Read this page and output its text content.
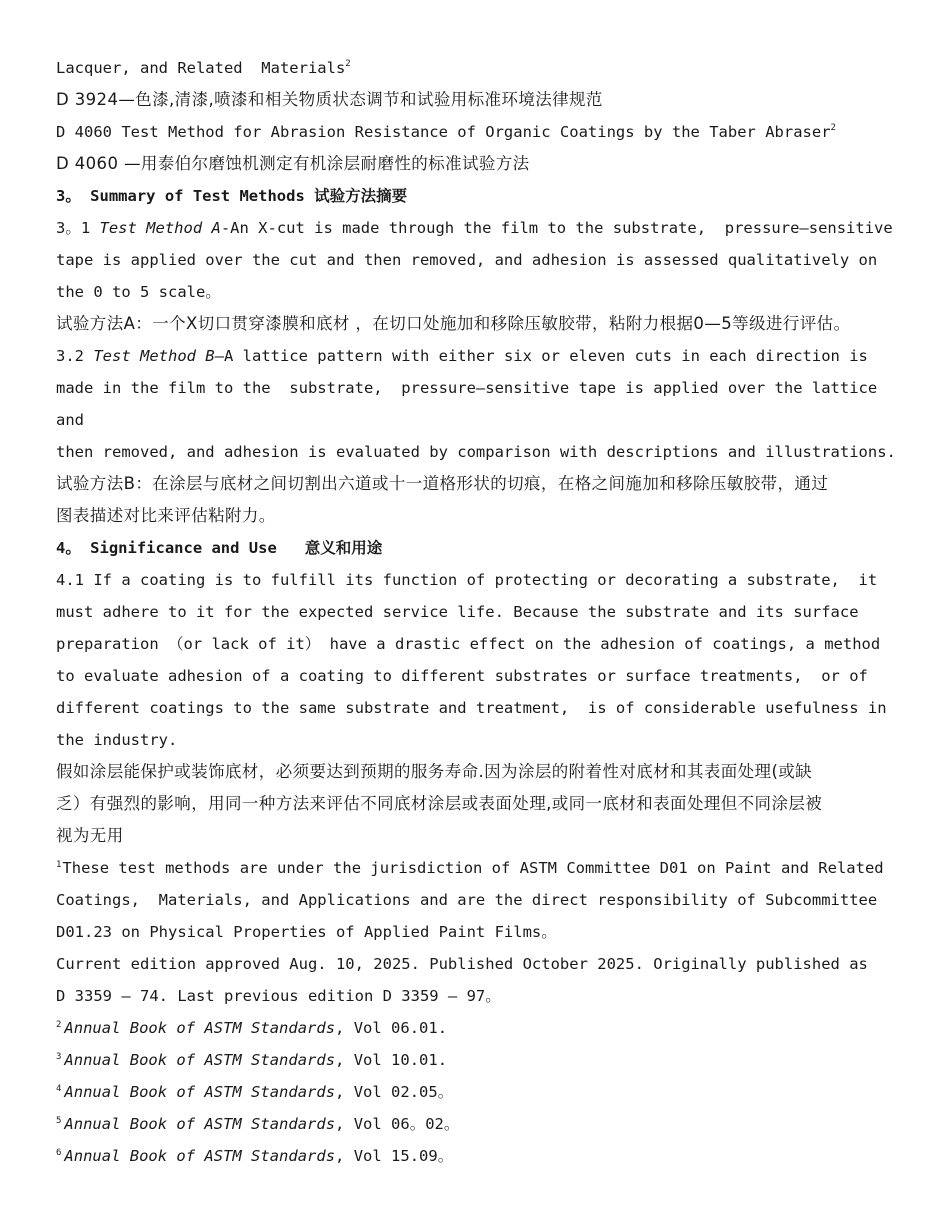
Lacquer, and Related  Materials$^2$
D 3924—色漆,清漆,喷漆和相关物质状态调节和试验用标准环境法律规范
D 4060 Test Method for Abrasion Resistance of Organic Coatings by the Taber Abraser$^2$
D 4060 —用泰伯尔磨蚀机测定有机涂层耐磨性的标准试验方法
3。 Summary of Test Methods 试验方法摘要
3。1 Test Method A-An X-cut is made through the film to the substrate,  pressure—sensitive
tape is applied over the cut and then removed, and adhesion is assessed qualitatively on
the 0 to 5 scale。
试验方法A：一个X切口贯穿漆膜和底材 ，在切口处施加和移除压敏胶带，粘附力根据0—5等级进行评估。
3.2 Test Method B—A lattice pattern with either six or eleven cuts in each direction is
made in the film to the  substrate,  pressure—sensitive tape is applied over the lattice
and
then removed, and adhesion is evaluated by comparison with descriptions and illustrations.
试验方法B：在涂层与底材之间切割出六道或十一道格形状的切痕，在格之间施加和移除压敏胶带，通过
图表描述对比来评估粘附力。
4。 Significance and Use   意义和用途
4.1 If a coating is to fulfill its function of protecting or decorating a substrate,  it
must adhere to it for the expected service life. Because the substrate and its surface
preparation （or lack of it） have a drastic effect on the adhesion of coatings, a method
to evaluate adhesion of a coating to different substrates or surface treatments,  or of
different coatings to the same substrate and treatment,  is of considerable usefulness in
the industry.
假如涂层能保护或装饰底材，必须要达到预期的服务寿命.因为涂层的附着性对底材和其表面处理(或缺
乏）有强烈的影响，用同一种方法来评估不同底材涂层或表面处理,或同一底材和表面处理但不同涂层被
视为无用
$^1$These test methods are under the jurisdiction of ASTM Committee D01 on Paint and Related
Coatings,  Materials, and Applications and are the direct responsibility of Subcommittee
D01.23 on Physical Properties of Applied Paint Films。
Current edition approved Aug. 10, 2025. Published October 2025. Originally published as
D 3359 – 74. Last previous edition D 3359 – 97。
$^2$ Annual Book of ASTM Standards, Vol 06.01.
$^3$ Annual Book of ASTM Standards, Vol 10.01.
$^4$ Annual Book of ASTM Standards, Vol 02.05。
$^5$ Annual Book of ASTM Standards, Vol 06。02。
$^6$ Annual Book of ASTM Standards, Vol 15.09。
